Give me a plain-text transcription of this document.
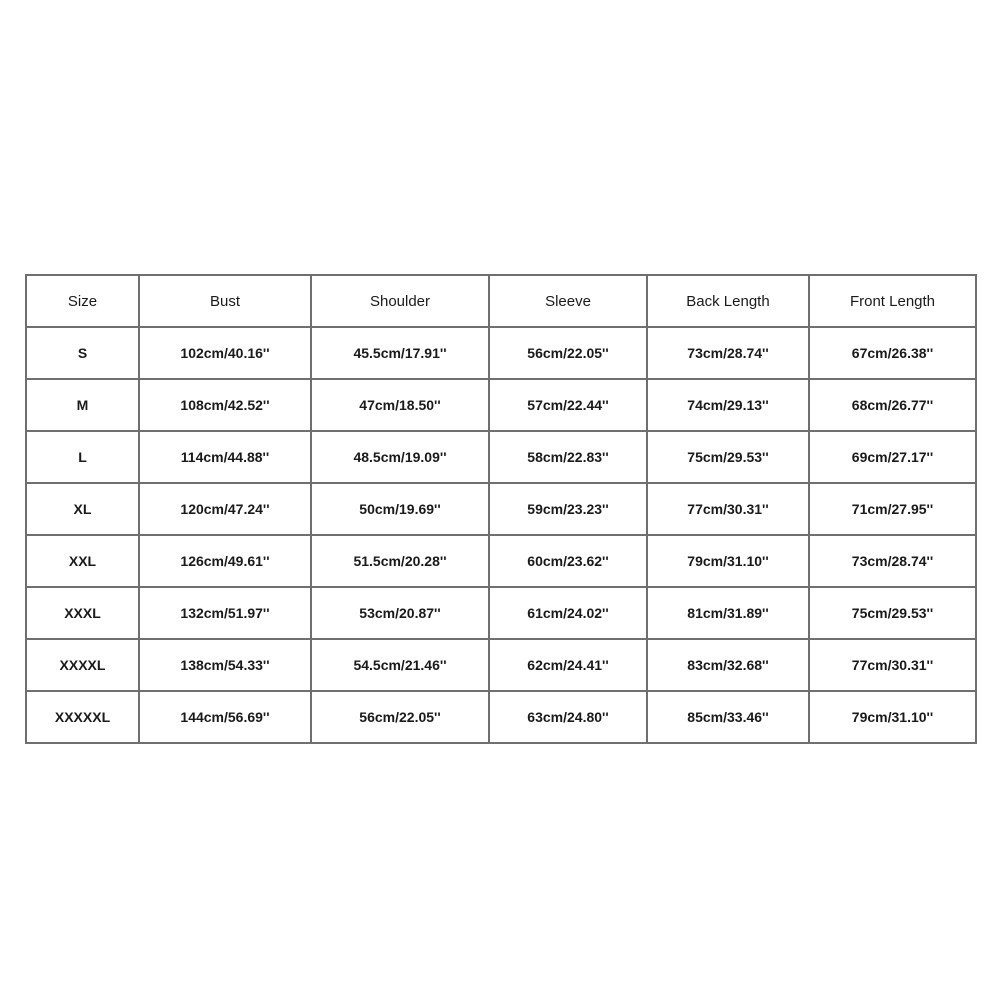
Size	Bust	Shoulder	Sleeve	Back Length	Front Length
S	102cm/40.16''	45.5cm/17.91''	56cm/22.05''	73cm/28.74''	67cm/26.38''
M	108cm/42.52''	47cm/18.50''	57cm/22.44''	74cm/29.13''	68cm/26.77''
L	114cm/44.88''	48.5cm/19.09''	58cm/22.83''	75cm/29.53''	69cm/27.17''
XL	120cm/47.24''	50cm/19.69''	59cm/23.23''	77cm/30.31''	71cm/27.95''
XXL	126cm/49.61''	51.5cm/20.28''	60cm/23.62''	79cm/31.10''	73cm/28.74''
XXXL	132cm/51.97''	53cm/20.87''	61cm/24.02''	81cm/31.89''	75cm/29.53''
XXXXL	138cm/54.33''	54.5cm/21.46''	62cm/24.41''	83cm/32.68''	77cm/30.31''
XXXXXL	144cm/56.69''	56cm/22.05''	63cm/24.80''	85cm/33.46''	79cm/31.10''
